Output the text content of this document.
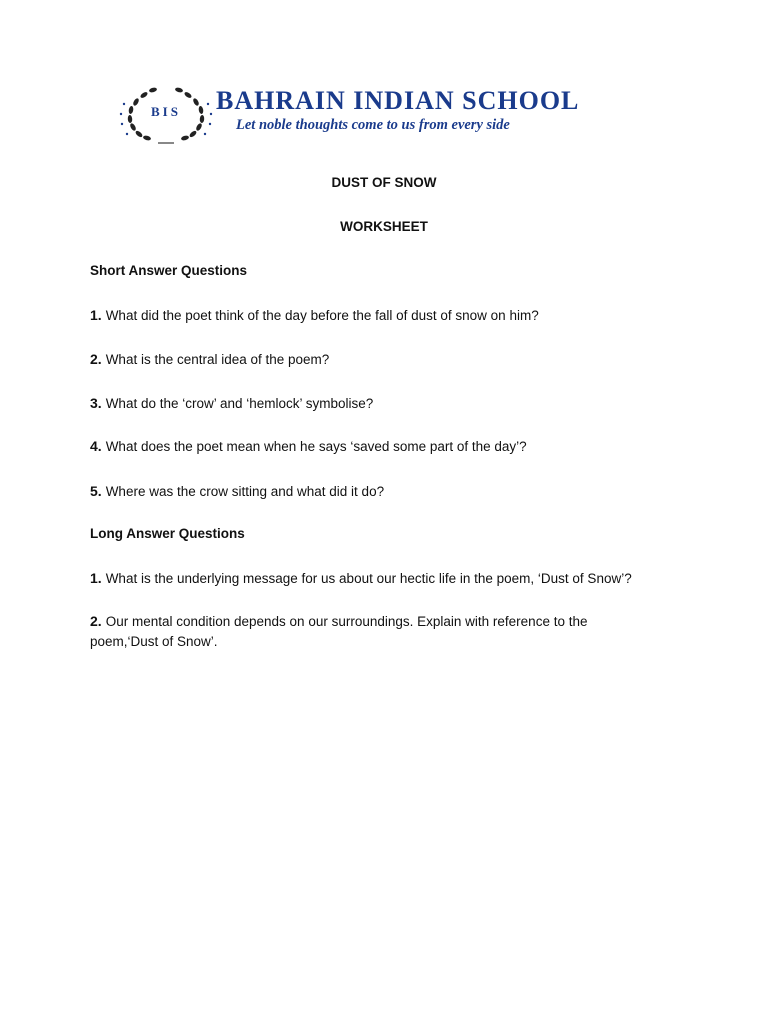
BIS BAHRAIN INDIAN SCHOOL
Let noble thoughts come to us from every side
DUST OF SNOW
WORKSHEET
Short Answer Questions
1. What did the poet think of the day before the fall of dust of snow on him?
2. What is the central idea of the poem?
3. What do the ‘crow’ and ‘hemlock’ symbolise?
4. What does the poet mean when he says ‘saved some part of the day’?
5. Where was the crow sitting and what did it do?
Long Answer Questions
1. What is the underlying message for us about our hectic life in the poem, ‘Dust of Snow’?
2. Our mental condition depends on our surroundings. Explain with reference to the poem,‘Dust of Snow’.
